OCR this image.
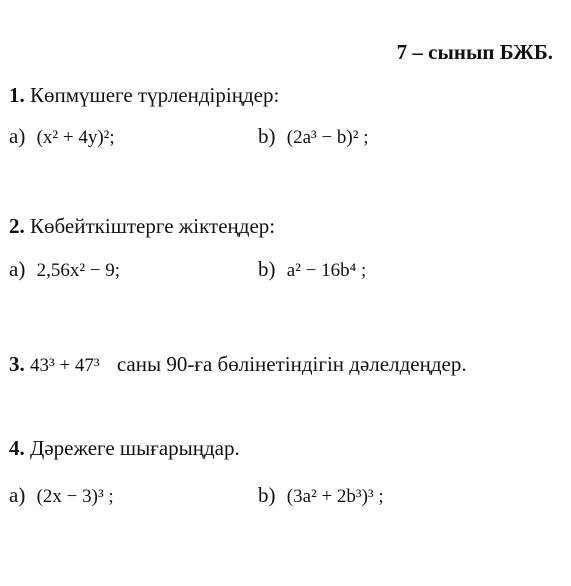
7 – сынып БЖБ.
1. Көпмүшеге түрлендіріңдер:
a) (x² + 4y)²;	b) (2a³ − b)² ;
2. Көбейткіштерге жіктеңдер:
a) 2,56x² − 9;	b) a² − 16b⁴ ;
3. 43³ + 47³ саны 90-ға бөлінетіндігін дәлелдеңдер.
4. Дәрежеге шығарыңдар.
a) (2x − 3)³ ;	b) (3a² + 2b³)³ ;
